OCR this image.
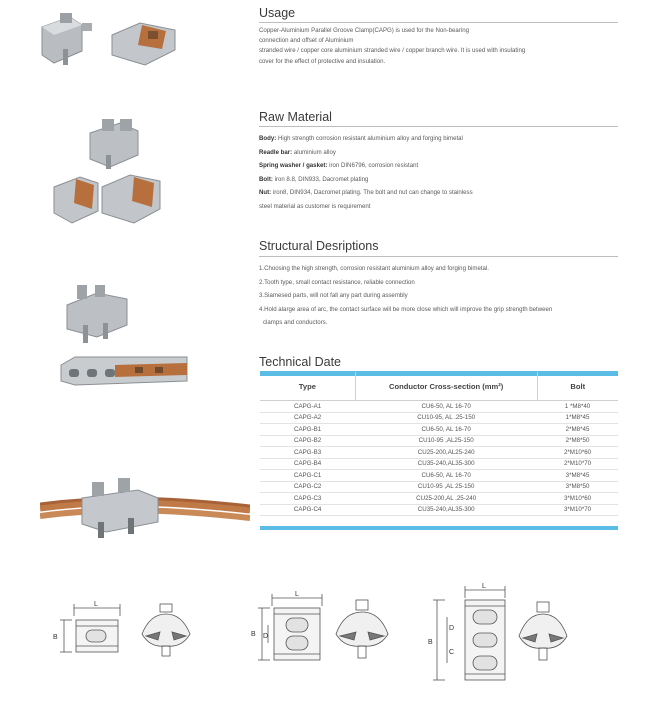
Usage

Copper-Aluminium Parallel Groove Clamp(CAPG) is used for the Non-bearing

connection and offset of Aluminium

stranded wire / copper core aluminium stranded wire / copper branch wire. It is used with insulating

cover for the effect of protective and insulation.

Raw Material

Body: High strength corrosion resistant aluminium alloy and forging bimetal

Readle bar: aluminium alloy

Spring washer / gasket: iron DIN6796, corrosion resistant

Bolt: iron 8.8, DIN933, Dacromet plating

Nut: iron8, DIN934, Dacromet plating. The bolt and nut can change to stainless

steel material as customer is requirement

Structural Desriptions

1.Choosing the high strength, corrosion resistant aluminium alloy and forging bimetal.

2.Tooth type, small contact resistance, reliable connection

3.Siamesed parts, will not fall any part during assembly

4.Hold alarge area of arc, the contact surface will be more close which will improve the grip strength between

clamps and conductors.

Technical Date
Type	Conductor Cross-section (mm²)	Bolt
CAPG-A1	CU6-50, AL 16-70	1 *M8*40
CAPG-A2	CU10-95, AL .25-150	1*M8*45
CAPG-B1	CU6-50, AL 16-70	2*M8*45
CAPG-B2	CU10-95 ,AL25-150	2*M8*50
CAPG-B3	CU25-200,AL25-240	2*M10*60
CAPG-B4	CU35-240,AL35-300	2*M10*70
CAPG-C1	CU6-50, AL 16-70	3*M8*45
CAPG-C2	CU10-95 ,AL 25-150	3*M8*50
CAPG-C3	CU25-200,AL .25-240	3*M10*60
CAPG-C4	CU35-240,AL35-300	3*M10*70
L
B
L
B D
L
B
D
C
